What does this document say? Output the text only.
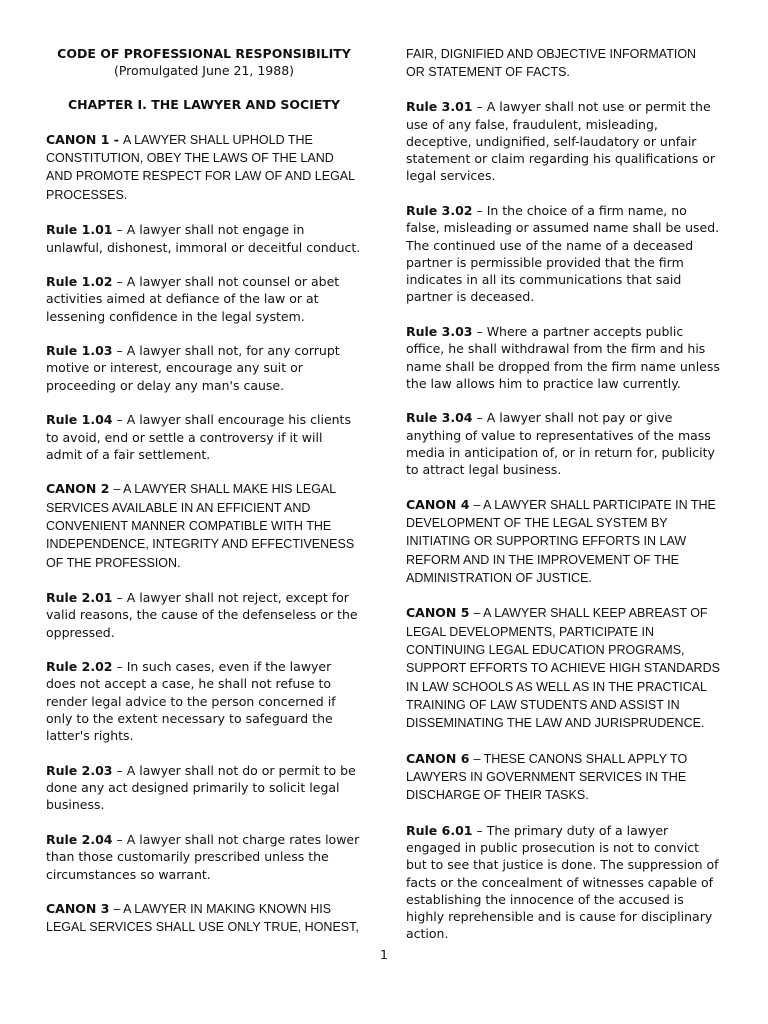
CODE OF PROFESSIONAL RESPONSIBILITY

(Promulgated June 21, 1988)

CHAPTER I. THE LAWYER AND SOCIETY

CANON 1 - A LAWYER SHALL UPHOLD THE
CONSTITUTION, OBEY THE LAWS OF THE LAND
AND PROMOTE RESPECT FOR LAW OF AND LEGAL
PROCESSES.

Rule 1.01 – A lawyer shall not engage in
unlawful, dishonest, immoral or deceitful conduct.

Rule 1.02 – A lawyer shall not counsel or abet
activities aimed at defiance of the law or at
lessening confidence in the legal system.

Rule 1.03 – A lawyer shall not, for any corrupt
motive or interest, encourage any suit or
proceeding or delay any man's cause.

Rule 1.04 – A lawyer shall encourage his clients
to avoid, end or settle a controversy if it will
admit of a fair settlement.

CANON 2 – A LAWYER SHALL MAKE HIS LEGAL
SERVICES AVAILABLE IN AN EFFICIENT AND
CONVENIENT MANNER COMPATIBLE WITH THE
INDEPENDENCE, INTEGRITY AND EFFECTIVENESS
OF THE PROFESSION.

Rule 2.01 – A lawyer shall not reject, except for
valid reasons, the cause of the defenseless or the
oppressed.

Rule 2.02 – In such cases, even if the lawyer
does not accept a case, he shall not refuse to
render legal advice to the person concerned if
only to the extent necessary to safeguard the
latter's rights.

Rule 2.03 – A lawyer shall not do or permit to be
done any act designed primarily to solicit legal
business.

Rule 2.04 – A lawyer shall not charge rates lower
than those customarily prescribed unless the
circumstances so warrant.

CANON 3 – A LAWYER IN MAKING KNOWN HIS
LEGAL SERVICES SHALL USE ONLY TRUE, HONEST,

FAIR, DIGNIFIED AND OBJECTIVE INFORMATION
OR STATEMENT OF FACTS.

Rule 3.01 – A lawyer shall not use or permit the
use of any false, fraudulent, misleading,
deceptive, undignified, self-laudatory or unfair
statement or claim regarding his qualifications or
legal services.

Rule 3.02 – In the choice of a firm name, no
false, misleading or assumed name shall be used.
The continued use of the name of a deceased
partner is permissible provided that the firm
indicates in all its communications that said
partner is deceased.

Rule 3.03 – Where a partner accepts public
office, he shall withdrawal from the firm and his
name shall be dropped from the firm name unless
the law allows him to practice law currently.

Rule 3.04 – A lawyer shall not pay or give
anything of value to representatives of the mass
media in anticipation of, or in return for, publicity
to attract legal business.

CANON 4 – A LAWYER SHALL PARTICIPATE IN THE
DEVELOPMENT OF THE LEGAL SYSTEM BY
INITIATING OR SUPPORTING EFFORTS IN LAW
REFORM AND IN THE IMPROVEMENT OF THE
ADMINISTRATION OF JUSTICE.

CANON 5 – A LAWYER SHALL KEEP ABREAST OF
LEGAL DEVELOPMENTS, PARTICIPATE IN
CONTINUING LEGAL EDUCATION PROGRAMS,
SUPPORT EFFORTS TO ACHIEVE HIGH STANDARDS
IN LAW SCHOOLS AS WELL AS IN THE PRACTICAL
TRAINING OF LAW STUDENTS AND ASSIST IN
DISSEMINATING THE LAW AND JURISPRUDENCE.

CANON 6 – THESE CANONS SHALL APPLY TO
LAWYERS IN GOVERNMENT SERVICES IN THE
DISCHARGE OF THEIR TASKS.

Rule 6.01 – The primary duty of a lawyer
engaged in public prosecution is not to convict
but to see that justice is done. The suppression of
facts or the concealment of witnesses capable of
establishing the innocence of the accused is
highly reprehensible and is cause for disciplinary
action.

1
